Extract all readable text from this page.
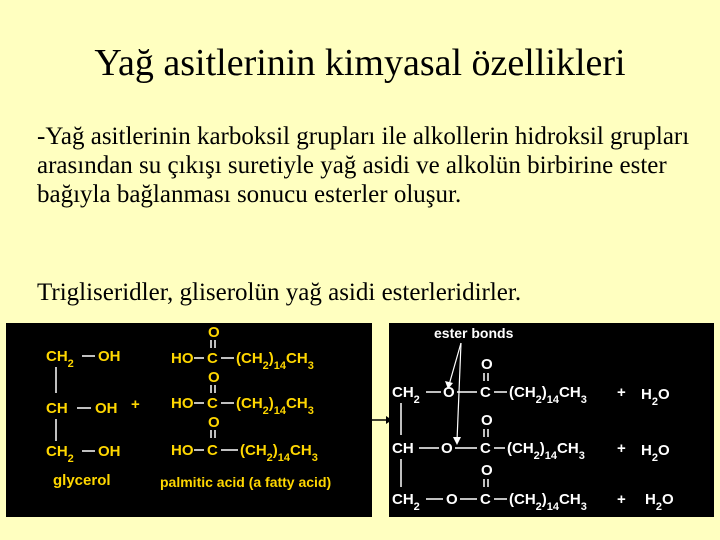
Yağ asitlerinin kimyasal özellikleri
-Yağ asitlerinin karboksil grupları ile alkollerin hidroksil grupları arasından su çıkışı suretiyle yağ asidi ve alkolün birbirine ester bağıyla bağlanması sonucu esterler oluşur.
Trigliseridler, gliserolün yağ asidi esterleridirler.
$CH_2$ OH
CH OH
$CH_2$ OH
glycerol
+
O
HO C $(CH_2)_{14}CH_3$
O
HO C $(CH_2)_{14}CH_3$
O
HO C $(CH_2)_{14}CH_3$
palmitic acid (a fatty acid)
ester bonds
O
$CH_2$ O C $(CH_2)_{14}CH_3 + H_2O$
O
CH O C $(CH_2)_{14}CH_3 + H_2O$
O
$CH_2$ O C $(CH_2)_{14}CH_3 + H_2O$
